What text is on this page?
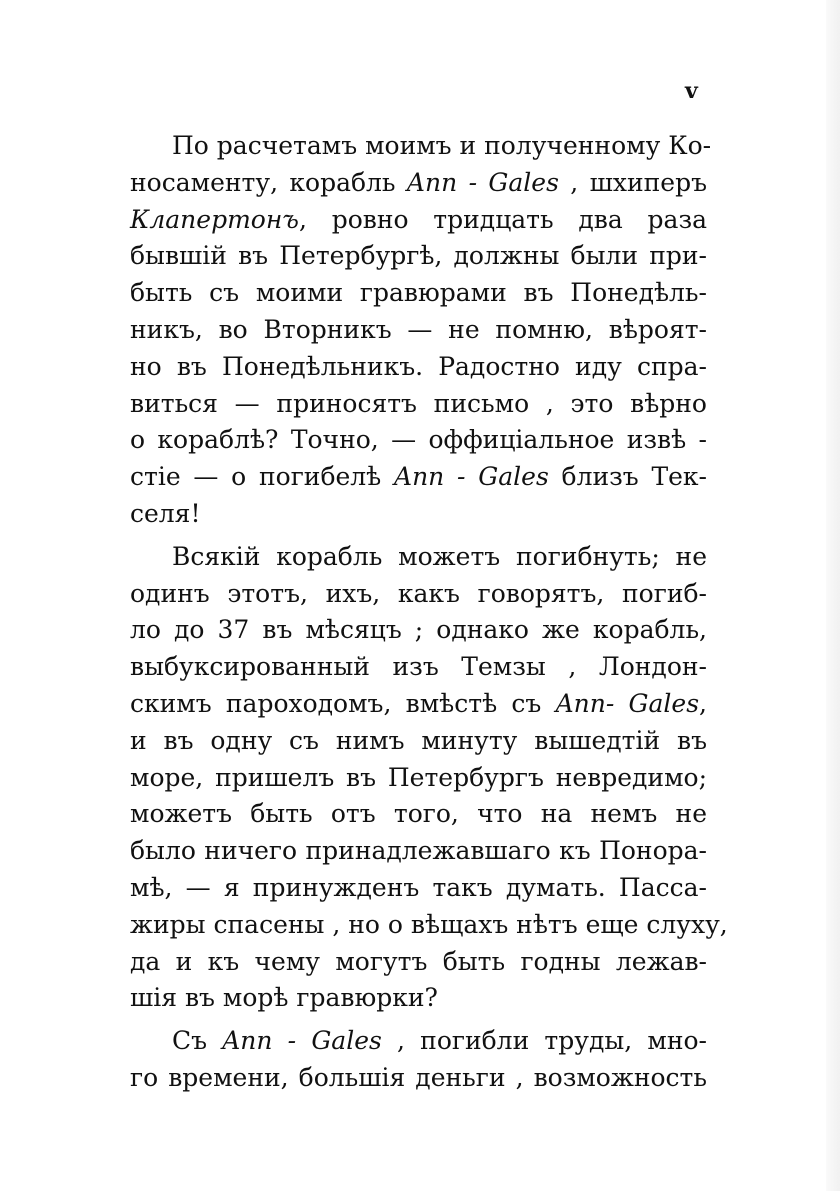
v
По расчетамъ моимъ и полученному Ко-
носаменту, корабль Ann - Gales , шхиперъ
Клапертонъ, ровно тридцать два раза
бывшій въ Петербургѣ, должны были при-
быть съ моими гравюрами въ Понедѣль-
никъ, во Вторникъ — не помню, вѣроят-
но въ Понедѣльникъ. Радостно иду спра-
виться — приносятъ письмо , это вѣрно
о кораблѣ? Точно, — оффиціальное извѣ -
стіе — о погибелѣ Ann - Gales близъ Тек-
селя!
Всякій корабль можетъ погибнуть; не
одинъ этотъ, ихъ, какъ говорятъ, погиб-
ло до 37 въ мѣсяцъ ; однако же корабль,
выбуксированный изъ Темзы , Лондон-
скимъ пароходомъ, вмѣстѣ съ Ann- Gales,
и въ одну съ нимъ минуту вышедтій въ
море, пришелъ въ Петербургъ невредимо;
можетъ быть отъ того, что на немъ не
было ничего принадлежавшаго къ Понора-
мѣ, — я принужденъ такъ думать. Пасса-
жиры спасены , но о вѣщахъ нѣтъ еще слуху,
да и къ чему могутъ быть годны лежав-
шія въ морѣ гравюрки?
Съ Ann - Gales , погибли труды, мно-
го времени, большія деньги , возможность
